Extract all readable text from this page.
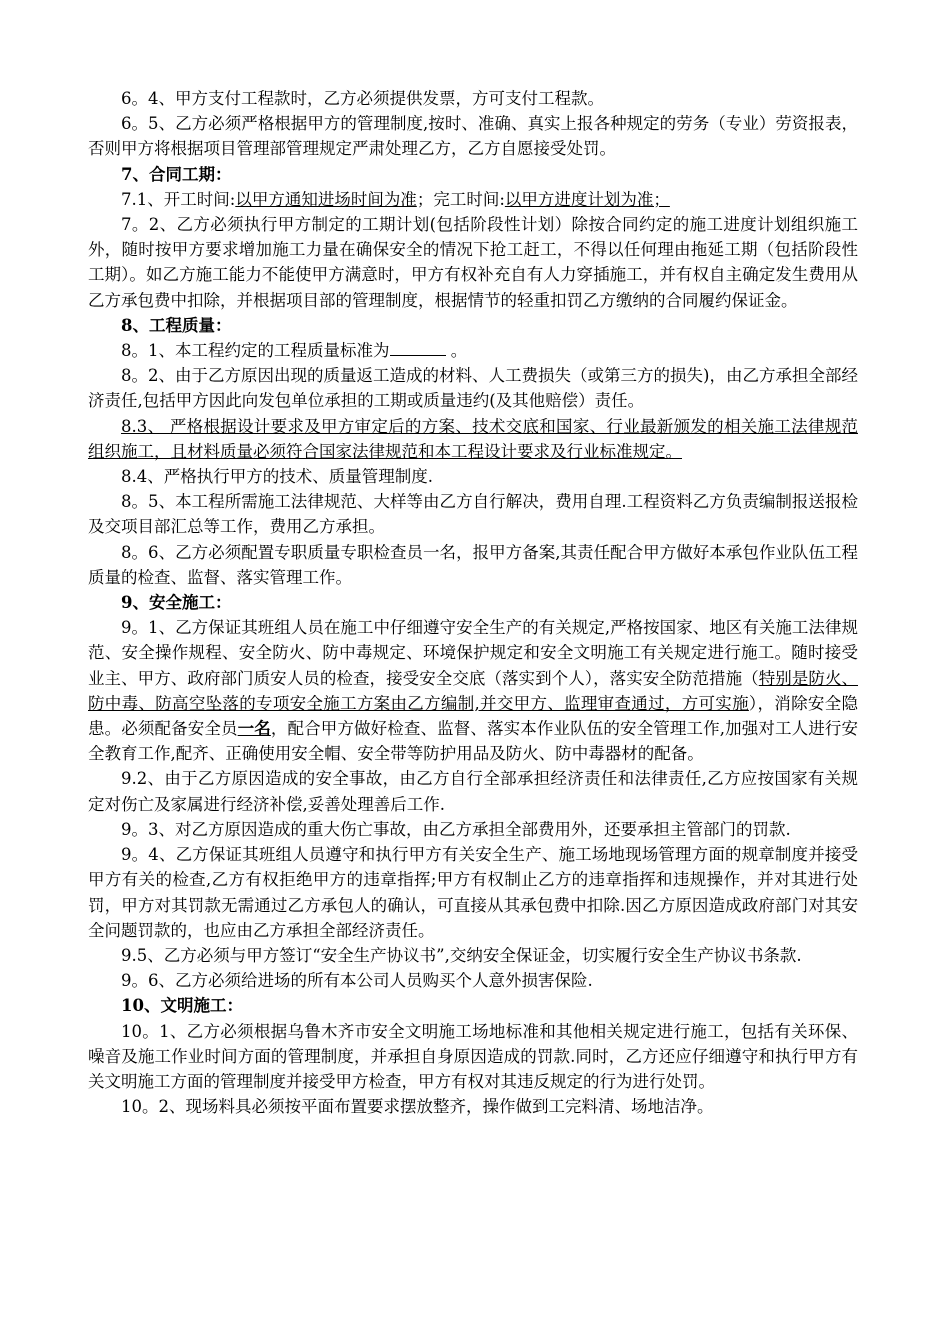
6。4、甲方支付工程款时，乙方必须提供发票，方可支付工程款。

6。5、乙方必须严格根据甲方的管理制度,按时、准确、真实上报各种规定的劳务（专业）劳资报表，否则甲方将根据项目管理部管理规定严肃处理乙方，乙方自愿接受处罚。

7、合同工期：

7.1、开工时间:以甲方通知进场时间为准；完工时间:以甲方进度计划为准；

7。2、乙方必须执行甲方制定的工期计划(包括阶段性计划）除按合同约定的施工进度计划组织施工外，随时按甲方要求增加施工力量在确保安全的情况下抢工赶工，不得以任何理由拖延工期（包括阶段性工期）。如乙方施工能力不能使甲方满意时，甲方有权补充自有人力穿插施工，并有权自主确定发生费用从乙方承包费中扣除，并根据项目部的管理制度，根据情节的轻重扣罚乙方缴纳的合同履约保证金。

8、工程质量：

8。1、本工程约定的工程质量标准为	。

8。2、由于乙方原因出现的质量返工造成的材料、人工费损失（或第三方的损失)，由乙方承担全部经济责任,包括甲方因此向发包单位承担的工期或质量违约(及其他赔偿）责任。

8.3、 严格根据设计要求及甲方审定后的方案、技术交底和国家、行业最新颁发的相关施工法律规范组织施工，且材料质量必须符合国家法律规范和本工程设计要求及行业标准规定。

8.4、严格执行甲方的技术、质量管理制度.

8。5、本工程所需施工法律规范、大样等由乙方自行解决，费用自理.工程资料乙方负责编制报送报检及交项目部汇总等工作，费用乙方承担。

8。6、乙方必须配置专职质量专职检查员一名，报甲方备案,其责任配合甲方做好本承包作业队伍工程质量的检查、监督、落实管理工作。

9、安全施工：

9。1、乙方保证其班组人员在施工中仔细遵守安全生产的有关规定,严格按国家、地区有关施工法律规范、安全操作规程、安全防火、防中毒规定、环境保护规定和安全文明施工有关规定进行施工。随时接受业主、甲方、政府部门质安人员的检查，接受安全交底（落实到个人），落实安全防范措施（特别是防火、防中毒、防高空坠落的专项安全施工方案由乙方编制,并交甲方、监理审查通过，方可实施），消除安全隐患。必须配备安全员一名，配合甲方做好检查、监督、落实本作业队伍的安全管理工作,加强对工人进行安全教育工作,配齐、正确使用安全帽、安全带等防护用品及防火、防中毒器材的配备。

9.2、由于乙方原因造成的安全事故，由乙方自行全部承担经济责任和法律责任,乙方应按国家有关规定对伤亡及家属进行经济补偿,妥善处理善后工作.

9。3、对乙方原因造成的重大伤亡事故，由乙方承担全部费用外，还要承担主管部门的罚款.

9。4、乙方保证其班组人员遵守和执行甲方有关安全生产、施工场地现场管理方面的规章制度并接受甲方有关的检查,乙方有权拒绝甲方的违章指挥;甲方有权制止乙方的违章指挥和违规操作，并对其进行处罚，甲方对其罚款无需通过乙方承包人的确认，可直接从其承包费中扣除.因乙方原因造成政府部门对其安全问题罚款的，也应由乙方承担全部经济责任。

9.5、乙方必须与甲方签订“安全生产协议书”,交纳安全保证金，切实履行安全生产协议书条款.

9。6、乙方必须给进场的所有本公司人员购买个人意外损害保险.

10、文明施工：

10。1、乙方必须根据乌鲁木齐市安全文明施工场地标准和其他相关规定进行施工，包括有关环保、噪音及施工作业时间方面的管理制度，并承担自身原因造成的罚款.同时，乙方还应仔细遵守和执行甲方有关文明施工方面的管理制度并接受甲方检查，甲方有权对其违反规定的行为进行处罚。

10。2、现场料具必须按平面布置要求摆放整齐，操作做到工完料清、场地洁净。
